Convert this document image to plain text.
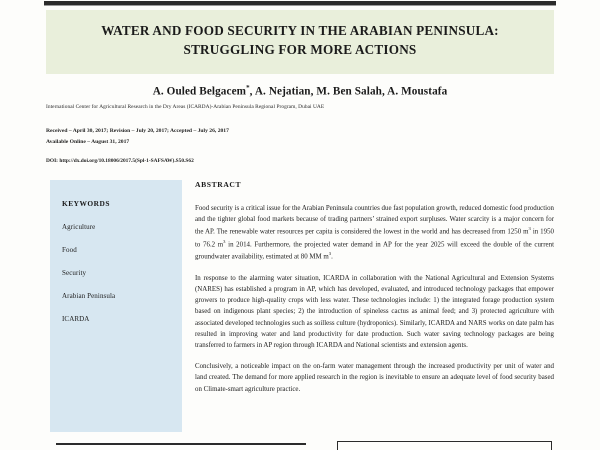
WATER AND FOOD SECURITY IN THE ARABIAN PENINSULA: STRUGGLING FOR MORE ACTIONS
A. Ouled Belgacem*, A. Nejatian, M. Ben Salah, A. Moustafa
International Center for Agricultural Research in the Dry Areas (ICARDA)-Arabian Peninsula Regional Program, Dubai UAE
Received – April 30, 2017; Revision – July 20, 2017; Accepted – July 26, 2017
Available Online – August 31, 2017
DOI: http://dx.doi.org/10.18006/2017.5(Spl-1-SAFSAW).S50.S62
KEYWORDS
Agriculture
Food
Security
Arabian Peninsula
ICARDA
ABSTRACT

Food security is a critical issue for the Arabian Peninsula countries due fast population growth, reduced domestic food production and the tighter global food markets because of trading partners’ strained export surpluses. Water scarcity is a major concern for the AP. The renewable water resources per capita is considered the lowest in the world and has decreased from 1250 $m^3$ in 1950 to 76.2 $m^3$ in 2014. Furthermore, the projected water demand in AP for the year 2025 will exceed the double of the current groundwater availability, estimated at 80 MM $m^3$.

In response to the alarming water situation, ICARDA in collaboration with the National Agricultural and Extension Systems (NARES) has established a program in AP, which has developed, evaluated, and introduced technology packages that empower growers to produce high-quality crops with less water. These technologies include: 1) the integrated forage production system based on indigenous plant species; 2) the introduction of spineless cactus as animal feed; and 3) protected agriculture with associated developed technologies such as soilless culture (hydroponics). Similarly, ICARDA and NARS works on date palm has resulted in improving water and land productivity for date production. Such water saving technology packages are being transferred to farmers in AP region through ICARDA and National scientists and extension agents.

Conclusively, a noticeable impact on the on-farm water management through the increased productivity per unit of water and land created. The demand for more applied research in the region is inevitable to ensure an adequate level of food security based on Climate-smart agriculture practice.
